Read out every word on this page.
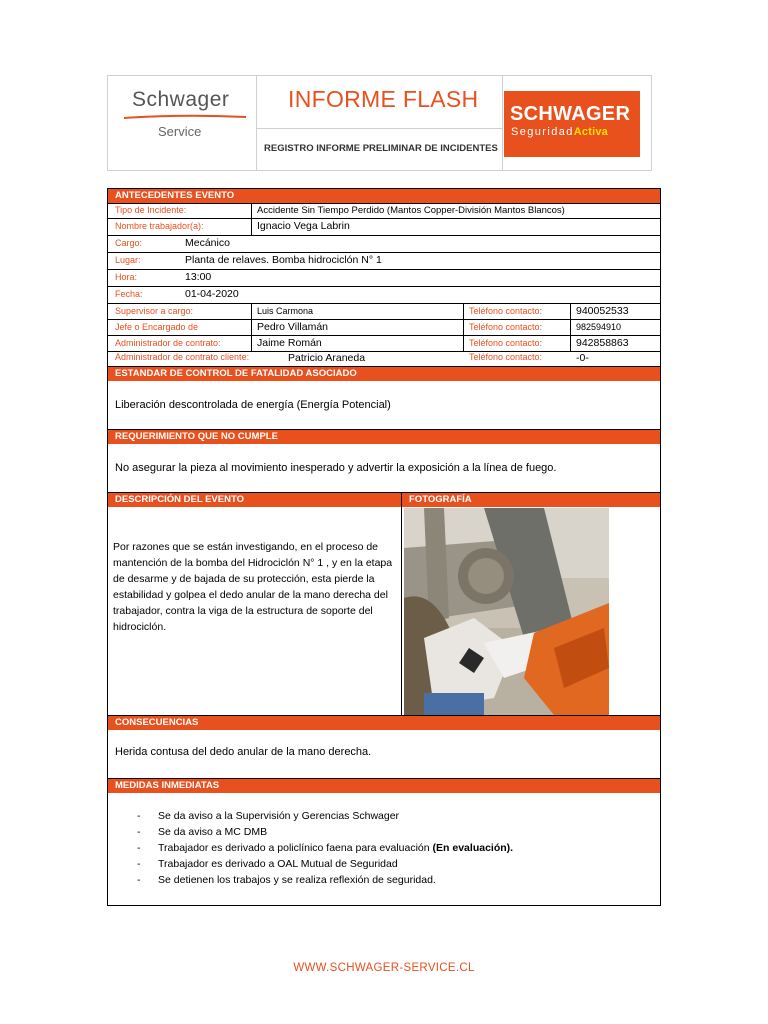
Schwager
Service
INFORME FLASH
REGISTRO INFORME PRELIMINAR DE INCIDENTES
SCHWAGER
SeguridadActiva
ANTECEDENTES EVENTO
Tipo de Incidente:	Accidente Sin Tiempo Perdido (Mantos Copper-División Mantos Blancos)
Nombre trabajador(a):	Ignacio Vega Labrin
Cargo:	Mecánico
Lugar:	Planta de relaves. Bomba hidrociclón N° 1
Hora:	13:00
Fecha:	01-04-2020
Supervisor a cargo:	Luis Carmona	Teléfono contacto:	940052533
Jefe o Encargado de	Pedro Villamán	Teléfono contacto:	982594910
Administrador de contrato:	Jaime Román	Teléfono contacto:	942858863
Administrador de contrato cliente:	Patricio Araneda	Teléfono contacto:	-0-
ESTANDAR DE CONTROL DE FATALIDAD ASOCIADO
Liberación descontrolada de energía (Energía Potencial)
REQUERIMIENTO QUE NO CUMPLE
No asegurar la pieza al movimiento inesperado y advertir la exposición a la línea de fuego.
DESCRIPCIÓN DEL EVENTO	FOTOGRAFÍA
Por razones que se están investigando, en el proceso de mantención de la bomba del Hidrociclón N° 1 , y en la etapa de desarme y de bajada de su protección, esta pierde la estabilidad y golpea el dedo anular de la mano derecha del trabajador, contra la viga de la estructura de soporte del hidrociclón.
CONSECUENCIAS
Herida contusa del dedo anular de la mano derecha.
MEDIDAS INMEDIATAS
- Se da aviso a la Supervisión y Gerencias Schwager
- Se da aviso a MC DMB
- Trabajador es derivado a policlínico faena para evaluación (En evaluación).
- Trabajador es derivado a OAL Mutual de Seguridad
- Se detienen los trabajos y se realiza reflexión de seguridad.
WWW.SCHWAGER-SERVICE.CL
